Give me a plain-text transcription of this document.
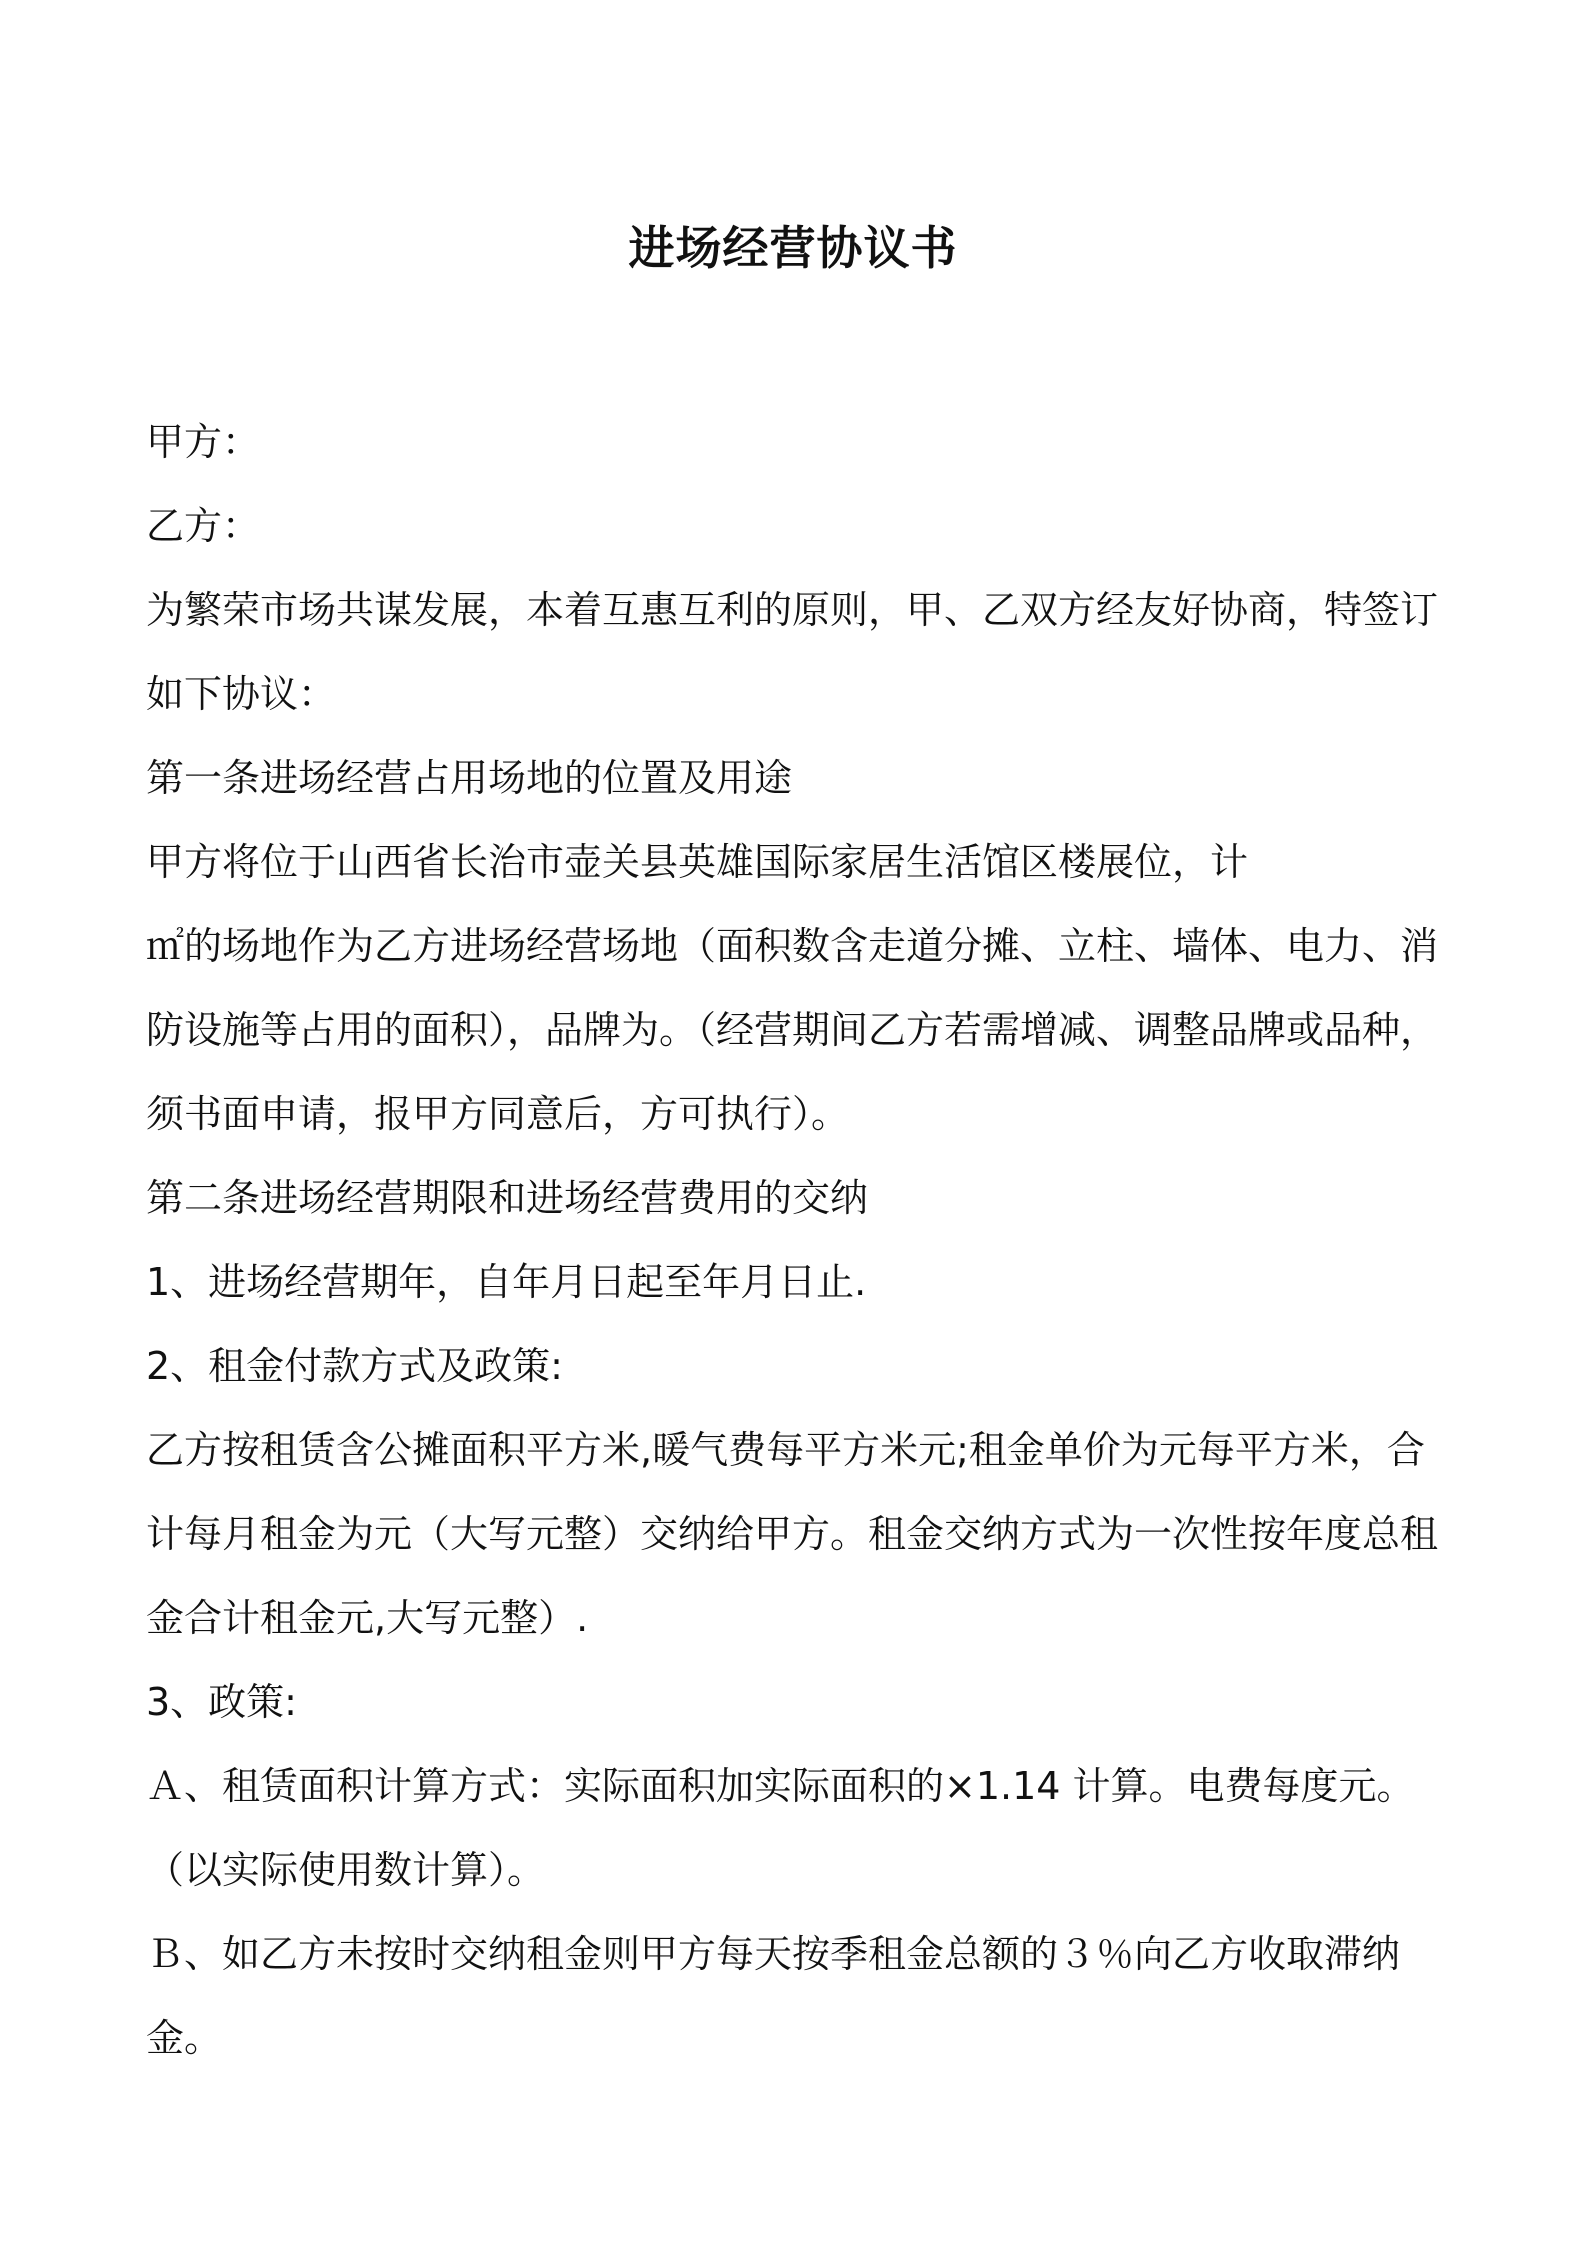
进场经营协议书

甲方：

乙方：

为繁荣市场共谋发展，本着互惠互利的原则，甲、乙双方经友好协商，特签订如下协议：

第一条进场经营占用场地的位置及用途

甲方将位于山西省长治市壶关县英雄国际家居生活馆区楼展位，计

㎡的场地作为乙方进场经营场地（面积数含走道分摊、立柱、墙体、电力、消防设施等占用的面积），品牌为。（经营期间乙方若需增减、调整品牌或品种，须书面申请，报甲方同意后，方可执行）。

第二条进场经营期限和进场经营费用的交纳

1、进场经营期年，自年月日起至年月日止.

2、租金付款方式及政策:

乙方按租赁含公摊面积平方米,暖气费每平方米元;租金单价为元每平方米，合计每月租金为元（大写元整）交纳给甲方。租金交纳方式为一次性按年度总租金合计租金元,大写元整）.

3、政策:

Ａ、租赁面积计算方式：实际面积加实际面积的×1.14 计算。电费每度元。（以实际使用数计算）。

Ｂ、如乙方未按时交纳租金则甲方每天按季租金总额的３％向乙方收取滞纳金。
